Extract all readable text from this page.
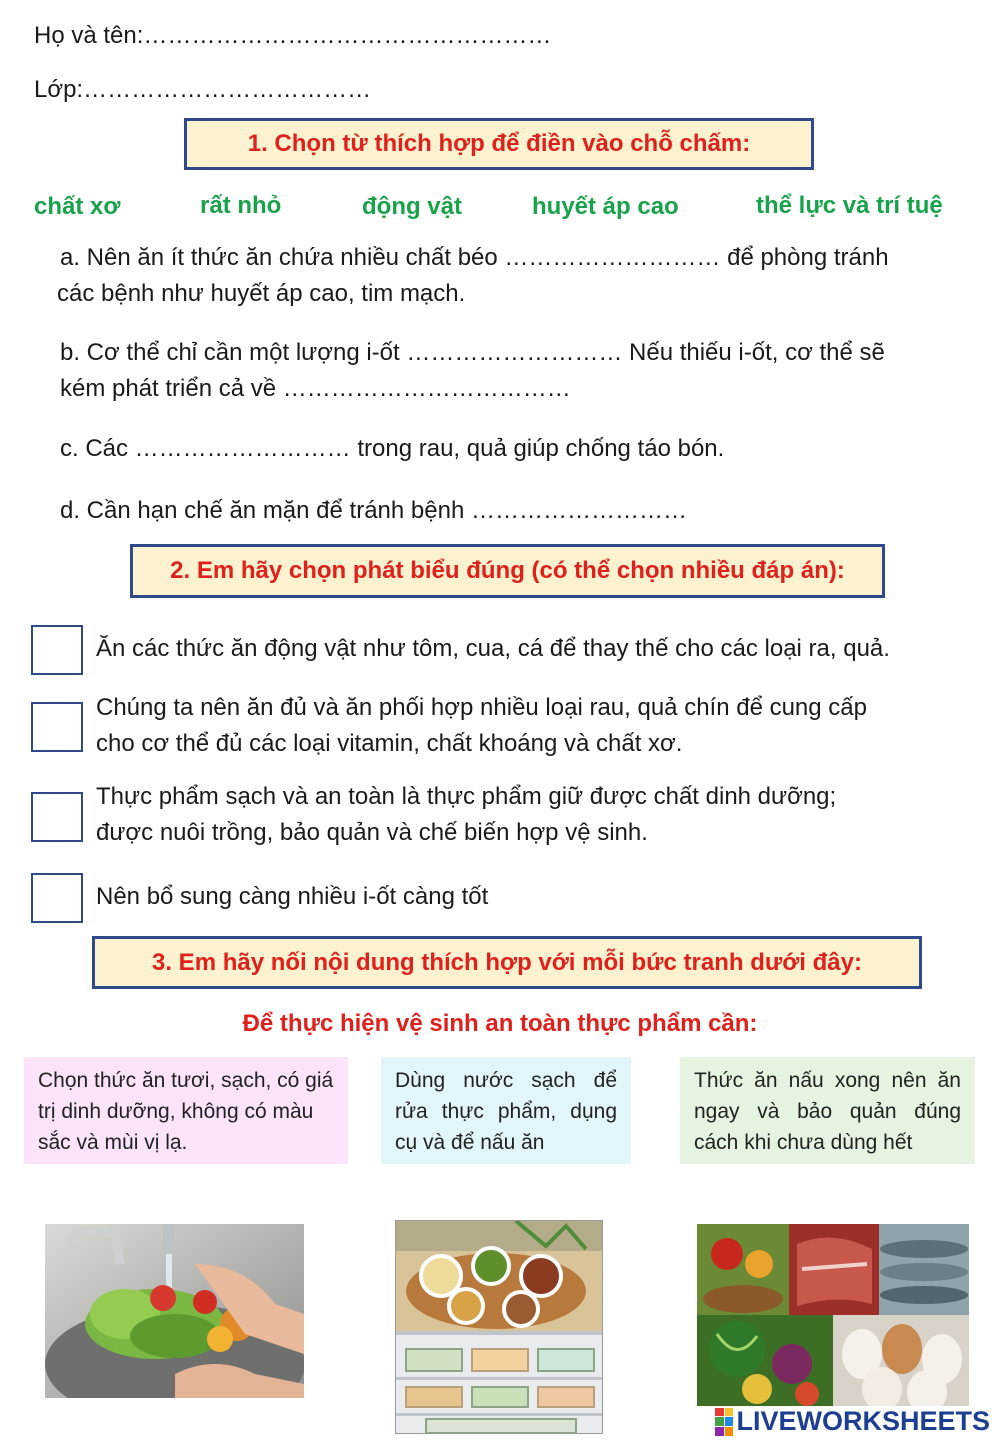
Họ và tên:……………………………………………
Lớp:………………………………
1. Chọn từ thích hợp để điền vào chỗ chấm:
chất xơ	rất nhỏ	động vật	huyết áp cao	thể lực và trí tuệ
a. Nên ăn ít thức ăn chứa nhiều chất béo ……………………… để phòng tránh
các bệnh như huyết áp cao, tim mạch.
b. Cơ thể chỉ cần một lượng i-ốt ……………………… Nếu thiếu i-ốt, cơ thể sẽ
kém phát triển cả về ………………………………
c. Các ……………………… trong rau, quả giúp chống táo bón.
d. Cần hạn chế ăn mặn để tránh bệnh ………………………
2. Em hãy chọn phát biểu đúng (có thể chọn nhiều đáp án):
Ăn các thức ăn động vật như tôm, cua, cá để thay thế cho các loại ra, quả.
Chúng ta nên ăn đủ và ăn phối hợp nhiều loại rau, quả chín để cung cấp
cho cơ thể đủ các loại vitamin, chất khoáng và chất xơ.
Thực phẩm sạch và an toàn là thực phẩm giữ được chất dinh dưỡng;
được nuôi trồng, bảo quản và chế biến hợp vệ sinh.
Nên bổ sung càng nhiều i-ốt càng tốt
3. Em hãy nối nội dung thích hợp với mỗi bức tranh dưới đây:
Để thực hiện vệ sinh an toàn thực phẩm cần:
Chọn thức ăn tươi, sạch, có giá trị dinh dưỡng, không có màu sắc và mùi vị lạ.
Dùng nước sạch để rửa thực phẩm, dụng cụ và để nấu ăn
Thức ăn nấu xong nên ăn ngay và bảo quản đúng cách khi chưa dùng hết
LIVEWORKSHEETS
